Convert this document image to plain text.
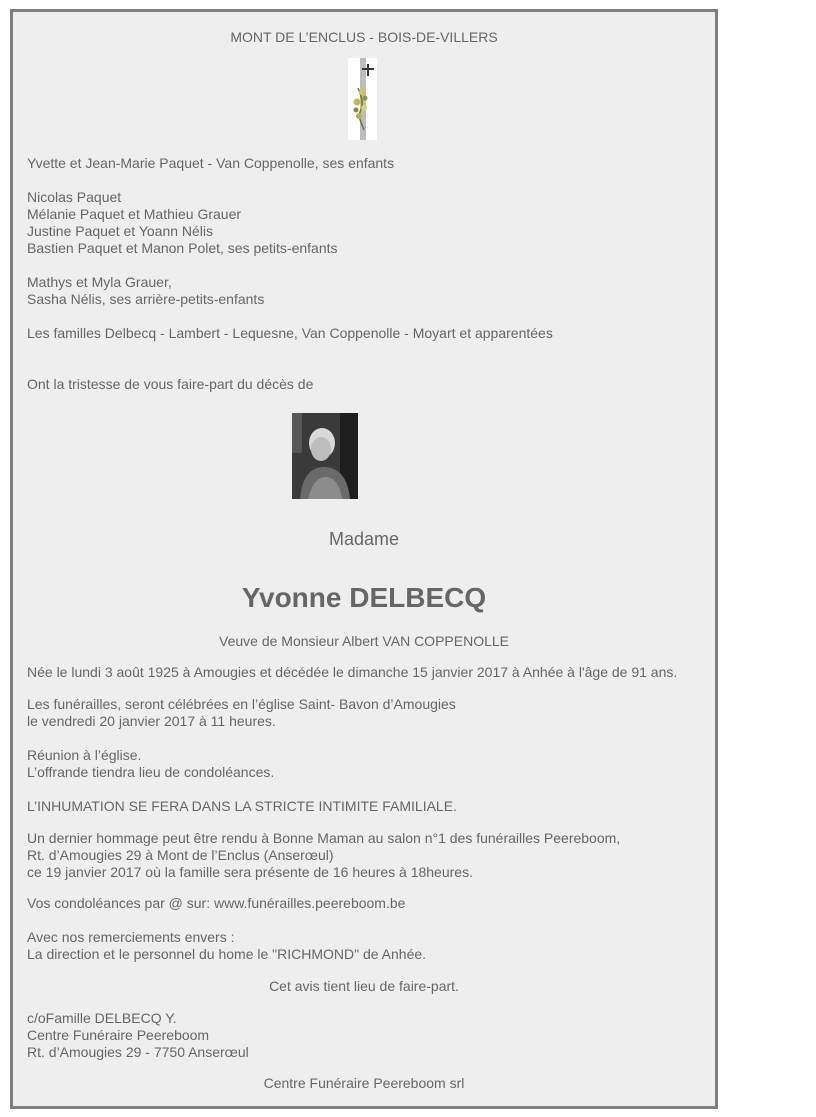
MONT DE L’ENCLUS - BOIS-DE-VILLERS
Yvette et Jean-Marie Paquet - Van Coppenolle, ses enfants
Nicolas Paquet
Mélanie Paquet et Mathieu Grauer
Justine Paquet et Yoann Nélis
Bastien Paquet et Manon Polet, ses petits-enfants
Mathys et Myla Grauer,
Sasha Nélis, ses arrière-petits-enfants
Les familles Delbecq - Lambert - Lequesne, Van Coppenolle - Moyart et apparentées
Ont la tristesse de vous faire-part du décès de
Madame
Yvonne DELBECQ
Veuve de Monsieur Albert VAN COPPENOLLE
Née le lundi 3 août 1925 à Amougies et décédée le dimanche 15 janvier 2017 à Anhée à l'âge de 91 ans.
Les funérailles, seront célébrées en l’église Saint- Bavon d’Amougies
le vendredi 20 janvier 2017 à 11 heures.
Réunion à l’église.
L’offrande tiendra lieu de condoléances.
L’INHUMATION SE FERA DANS LA STRICTE INTIMITE FAMILIALE.
Un dernier hommage peut être rendu à Bonne Maman au salon n°1 des funérailles Peereboom,
Rt. d’Amougies 29 à Mont de l’Enclus (Anserœul)
ce 19 janvier 2017 où la famille sera présente de 16 heures à 18heures.
Vos condoléances par @ sur: www.funérailles.peereboom.be
Avec nos remerciements envers :
La direction et le personnel du home le "RICHMOND" de Anhée.
Cet avis tient lieu de faire-part.
c/oFamille DELBECQ Y.
Centre Funéraire Peereboom
Rt. d’Amougies 29 - 7750 Anserœul
Centre Funéraire Peereboom srl
